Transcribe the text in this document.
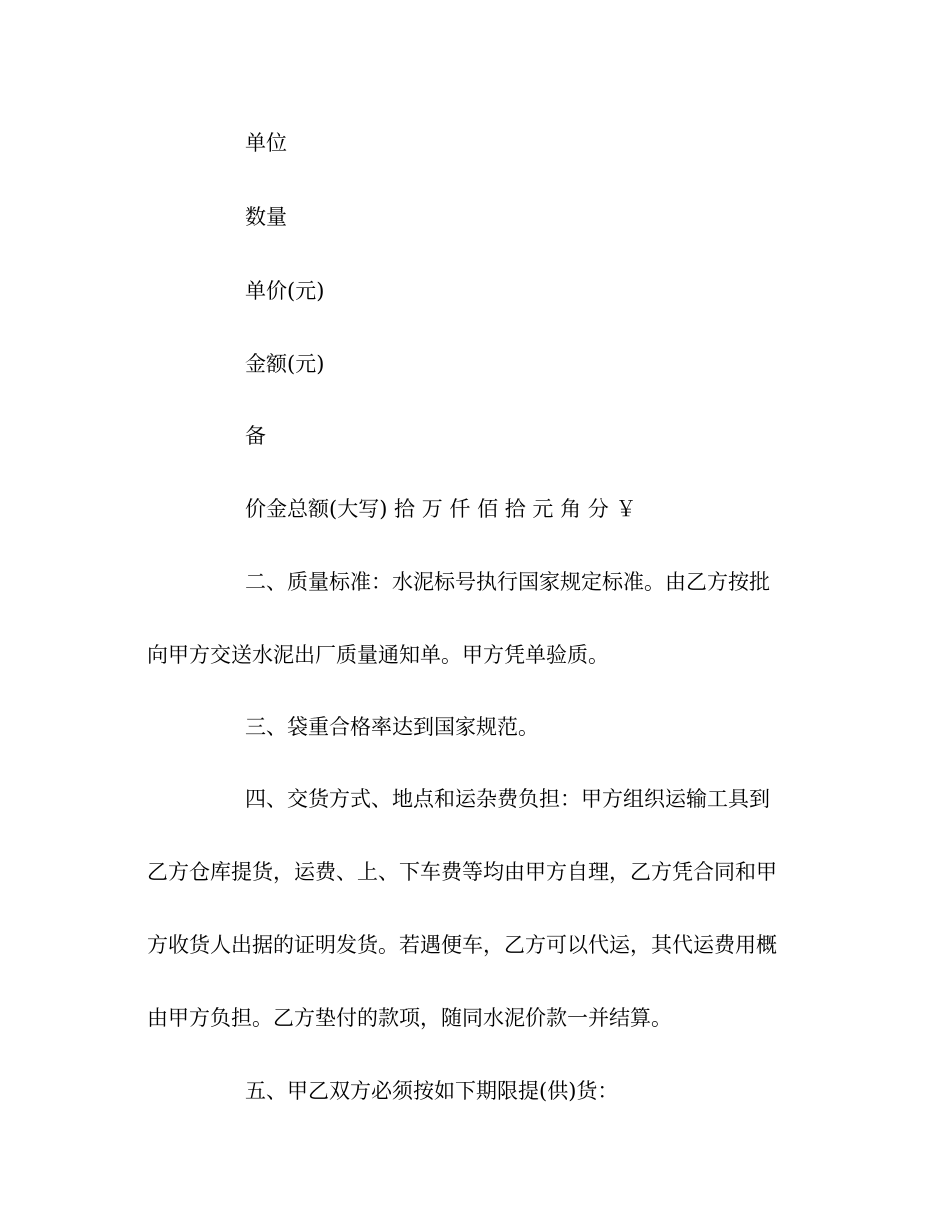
单位
数量
单价(元)
金额(元)
备
价金总额(大写) 拾 万 仟 佰 拾 元 角 分 ￥
二、质量标准：水泥标号执行国家规定标准。由乙方按批
向甲方交送水泥出厂质量通知单。甲方凭单验质。
三、袋重合格率达到国家规范。
四、交货方式、地点和运杂费负担：甲方组织运输工具到
乙方仓库提货，运费、上、下车费等均由甲方自理，乙方凭合同和甲
方收货人出据的证明发货。若遇便车，乙方可以代运，其代运费用概
由甲方负担。乙方垫付的款项，随同水泥价款一并结算。
五、甲乙双方必须按如下期限提(供)货：
